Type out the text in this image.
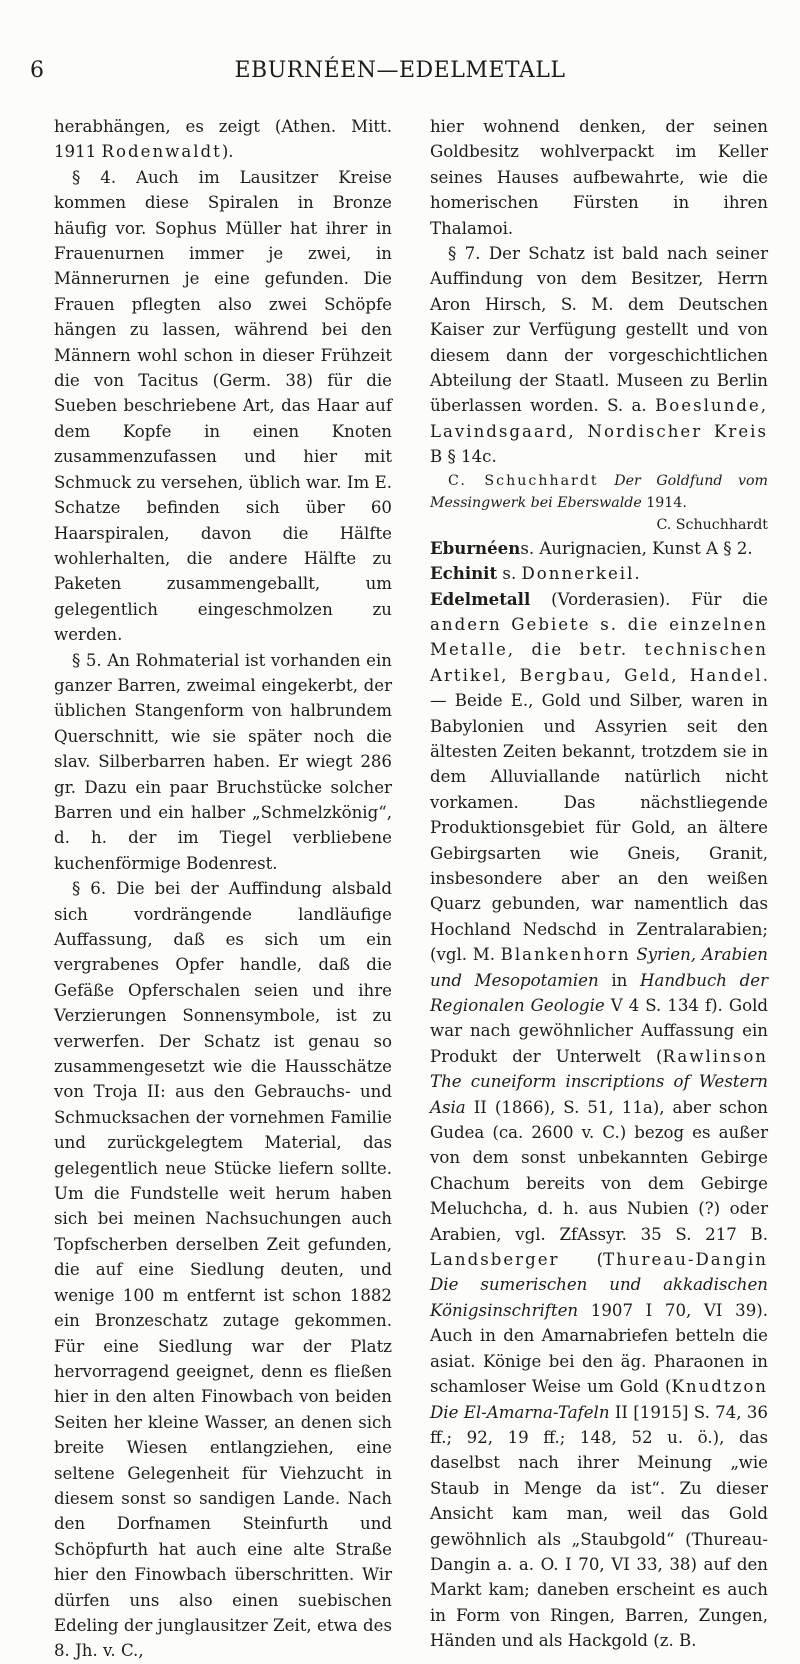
6	EBURNÉEN—EDELMETALL

herabhängen, es zeigt (Athen. Mitt. 1911 Rodenwaldt).

§ 4. Auch im Lausitzer Kreise kommen diese Spiralen in Bronze häufig vor. Sophus Müller hat ihrer in Frauenurnen immer je zwei, in Männerurnen je eine gefunden. Die Frauen pflegten also zwei Schöpfe hängen zu lassen, während bei den Männern wohl schon in dieser Frühzeit die von Tacitus (Germ. 38) für die Sueben beschriebene Art, das Haar auf dem Kopfe in einen Knoten zusammenzufassen und hier mit Schmuck zu versehen, üblich war. Im E. Schatze befinden sich über 60 Haarspiralen, davon die Hälfte wohlerhalten, die andere Hälfte zu Paketen zusammengeballt, um gelegentlich eingeschmolzen zu werden.

§ 5. An Rohmaterial ist vorhanden ein ganzer Barren, zweimal eingekerbt, der üblichen Stangenform von halbrundem Querschnitt, wie sie später noch die slav. Silberbarren haben. Er wiegt 286 gr. Dazu ein paar Bruchstücke solcher Barren und ein halber „Schmelzkönig“, d. h. der im Tiegel verbliebene kuchenförmige Bodenrest.

§ 6. Die bei der Auffindung alsbald sich vordrängende landläufige Auffassung, daß es sich um ein vergrabenes Opfer handle, daß die Gefäße Opferschalen seien und ihre Verzierungen Sonnensymbole, ist zu verwerfen. Der Schatz ist genau so zusammengesetzt wie die Hausschätze von Troja II: aus den Gebrauchs- und Schmucksachen der vornehmen Familie und zurückgelegtem Material, das gelegentlich neue Stücke liefern sollte. Um die Fundstelle weit herum haben sich bei meinen Nachsuchungen auch Topfscherben derselben Zeit gefunden, die auf eine Siedlung deuten, und wenige 100 m entfernt ist schon 1882 ein Bronzeschatz zutage gekommen. Für eine Siedlung war der Platz hervorragend geeignet, denn es fließen hier in den alten Finowbach von beiden Seiten her kleine Wasser, an denen sich breite Wiesen entlangziehen, eine seltene Gelegenheit für Viehzucht in diesem sonst so sandigen Lande. Nach den Dorfnamen Steinfurth und Schöpfurth hat auch eine alte Straße hier den Finowbach überschritten. Wir dürfen uns also einen suebischen Edeling der junglausitzer Zeit, etwa des 8. Jh. v. C.,

hier wohnend denken, der seinen Goldbesitz wohlverpackt im Keller seines Hauses aufbewahrte, wie die homerischen Fürsten in ihren Thalamoi.

§ 7. Der Schatz ist bald nach seiner Auffindung von dem Besitzer, Herrn Aron Hirsch, S. M. dem Deutschen Kaiser zur Verfügung gestellt und von diesem dann der vorgeschichtlichen Abteilung der Staatl. Museen zu Berlin überlassen worden. S. a. Boeslunde, Lavindsgaard, Nordischer Kreis B § 14c.

C. Schuchhardt Der Goldfund vom Messingwerk bei Eberswalde 1914.
C. Schuchhardt

Eburnéens. Aurignacien, Kunst A § 2.

Echinit s. Donnerkeil.

Edelmetall (Vorderasien). Für die andern Gebiete s. die einzelnen Metalle, die betr. technischen Artikel, Bergbau, Geld, Handel. — Beide E., Gold und Silber, waren in Babylonien und Assyrien seit den ältesten Zeiten bekannt, trotzdem sie in dem Alluviallande natürlich nicht vorkamen. Das nächstliegende Produktionsgebiet für Gold, an ältere Gebirgsarten wie Gneis, Granit, insbesondere aber an den weißen Quarz gebunden, war namentlich das Hochland Nedschd in Zentralarabien; (vgl. M. Blankenhorn Syrien, Arabien und Mesopotamien in Handbuch der Regionalen Geologie V 4 S. 134 f). Gold war nach gewöhnlicher Auffassung ein Produkt der Unterwelt (Rawlinson The cuneiform inscriptions of Western Asia II (1866), S. 51, 11a), aber schon Gudea (ca. 2600 v. C.) bezog es außer von dem sonst unbekannten Gebirge Chachum bereits von dem Gebirge Meluchcha, d. h. aus Nubien (?) oder Arabien, vgl. ZfAssyr. 35 S. 217 B. Landsberger (Thureau-Dangin Die sumerischen und akkadischen Königsinschriften 1907 I 70, VI 39). Auch in den Amarnabriefen betteln die asiat. Könige bei den äg. Pharaonen in schamloser Weise um Gold (Knudtzon Die El-Amarna-Tafeln II [1915] S. 74, 36 ff.; 92, 19 ff.; 148, 52 u. ö.), das daselbst nach ihrer Meinung „wie Staub in Menge da ist“. Zu dieser Ansicht kam man, weil das Gold gewöhnlich als „Staubgold“ (Thureau-Dangin a. a. O. I 70, VI 33, 38) auf den Markt kam; daneben erscheint es auch in Form von Ringen, Barren, Zungen, Händen und als Hackgold (z. B.
